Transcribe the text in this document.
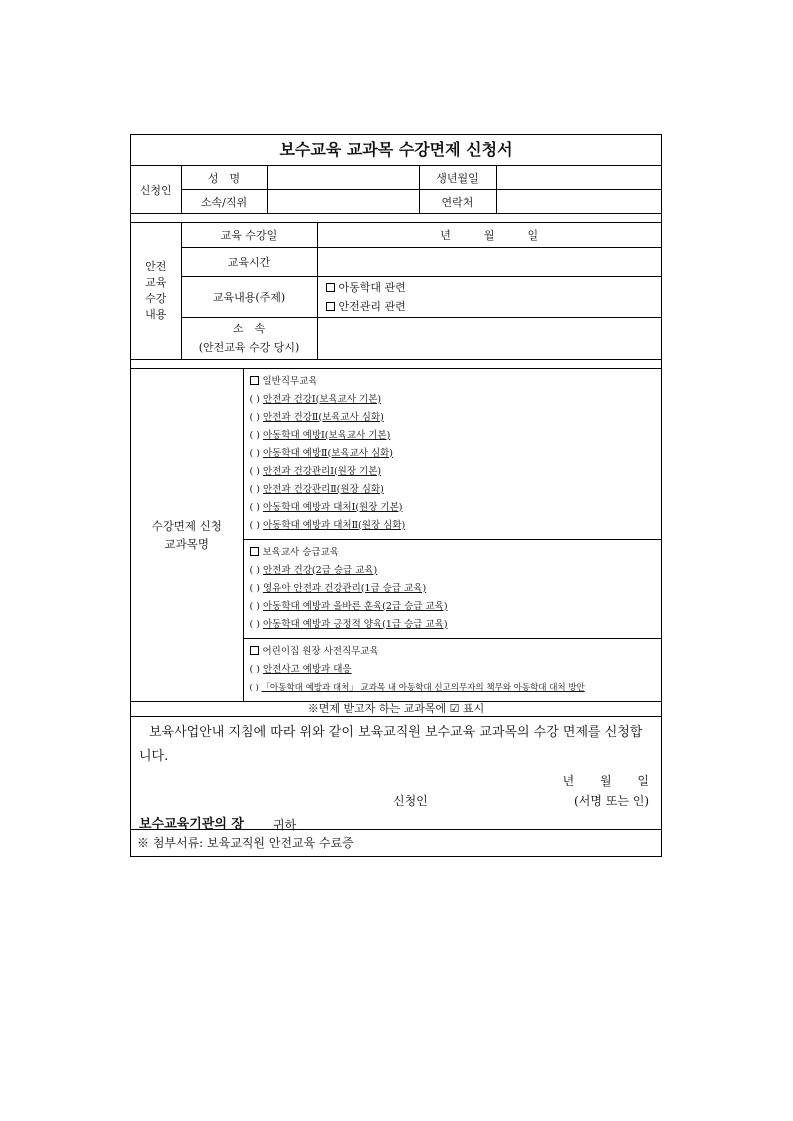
보수교육 교과목 수강면제 신청서
신청인	성　명		생년월일	
	소속/직위		연락처	
안전
교육
수강
내용	교육 수강일	년　　　월　　　일
	교육시간	
	교육내용(주제)	아동학대 관련
안전관리 관련

	소　속
(안전교육 수강 당시)	

수강면제 신청
교과목명	
일반직무교육
( ) 안전과 건강Ⅰ(보육교사 기본)
( ) 안전과 건강Ⅱ(보육교사 심화)
( ) 아동학대 예방Ⅰ(보육교사 기본)
( ) 아동학대 예방Ⅱ(보육교사 심화)
( ) 안전과 건강관리Ⅰ(원장 기본)
( ) 안전과 건강관리Ⅱ(원장 심화)
( ) 아동학대 예방과 대처Ⅰ(원장 기본)
( ) 아동학대 예방과 대처Ⅱ(원장 심화)

보육교사 승급교육
( ) 안전과 건강(2급 승급 교육)
( ) 영유아 안전과 건강관리(1급 승급 교육)
( ) 아동학대 예방과 올바른 훈육(2급 승급 교육)
( ) 아동학대 예방과 긍정적 양육(1급 승급 교육)

어린이집 원장 사전직무교육
( ) 안전사고 예방과 대응
( ) 「아동학대 예방과 대처」 교과목 내 아동학대 신고의무자의 책무와 아동학대 대처 방안
※면제 받고자 하는 교과목에 ☑ 표시
보육사업안내 지침에 따라 위와 같이 보육교직원 보수교육 교과목의 수강 면제를 신청합니다.
년 월 일
신청인	(서명 또는 인)
보수교육기관의 장 귀하
※ 첨부서류: 보육교직원 안전교육 수료증
